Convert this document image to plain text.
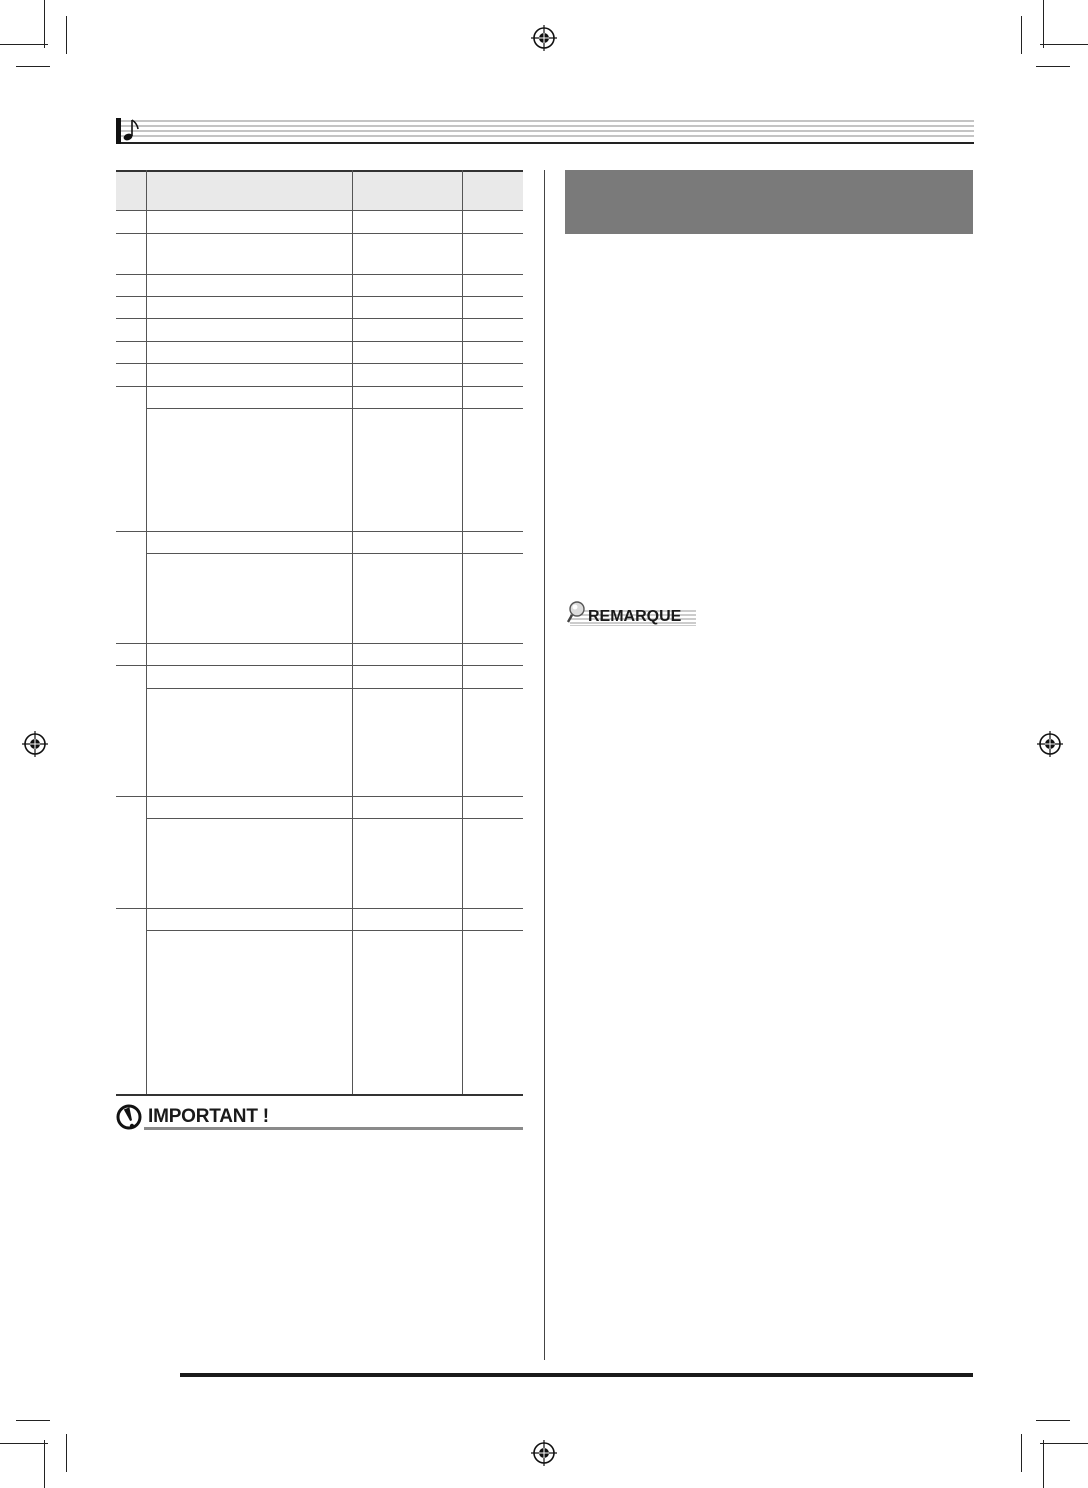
IMPORTANT !
REMARQUE
